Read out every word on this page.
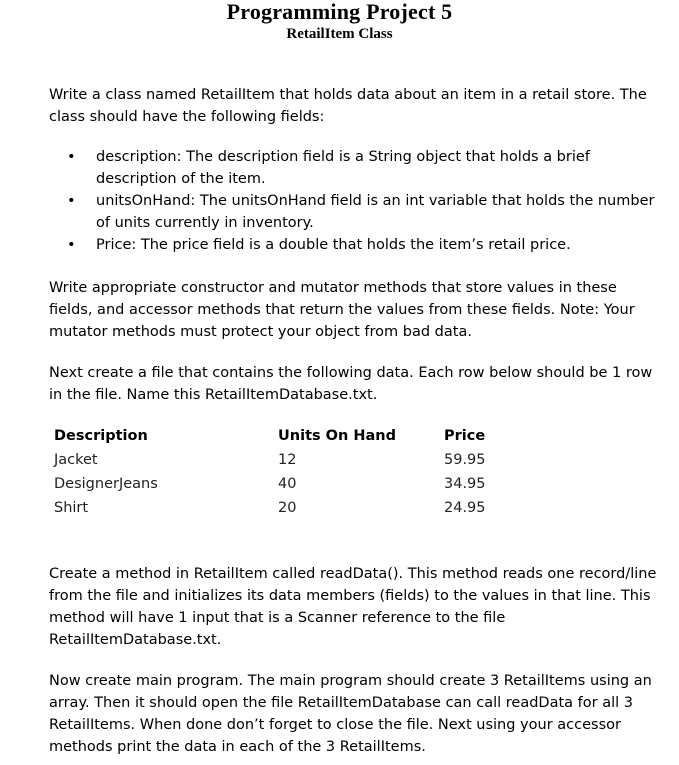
Programming Project 5
RetailItem Class

Write a class named RetailItem that holds data about an item in a retail store. The class should have the following fields:

• description: The description field is a String object that holds a brief description of the item.
• unitsOnHand: The unitsOnHand field is an int variable that holds the number of units currently in inventory.
• Price: The price field is a double that holds the item’s retail price.

Write appropriate constructor and mutator methods that store values in these fields, and accessor methods that return the values from these fields. Note: Your mutator methods must protect your object from bad data.

Next create a file that contains the following data. Each row below should be 1 row in the file. Name this RetailItemDatabase.txt.

Description	Units On Hand	Price
Jacket	12	59.95
DesignerJeans	40	34.95
Shirt	20	24.95

Create a method in RetailItem called readData(). This method reads one record/line from the file and initializes its data members (fields) to the values in that line. This method will have 1 input that is a Scanner reference to the file RetailItemDatabase.txt.

Now create main program. The main program should create 3 RetailItems using an array. Then it should open the file RetailItemDatabase can call readData for all 3 RetailItems. When done don’t forget to close the file. Next using your accessor methods print the data in each of the 3 RetailItems.
